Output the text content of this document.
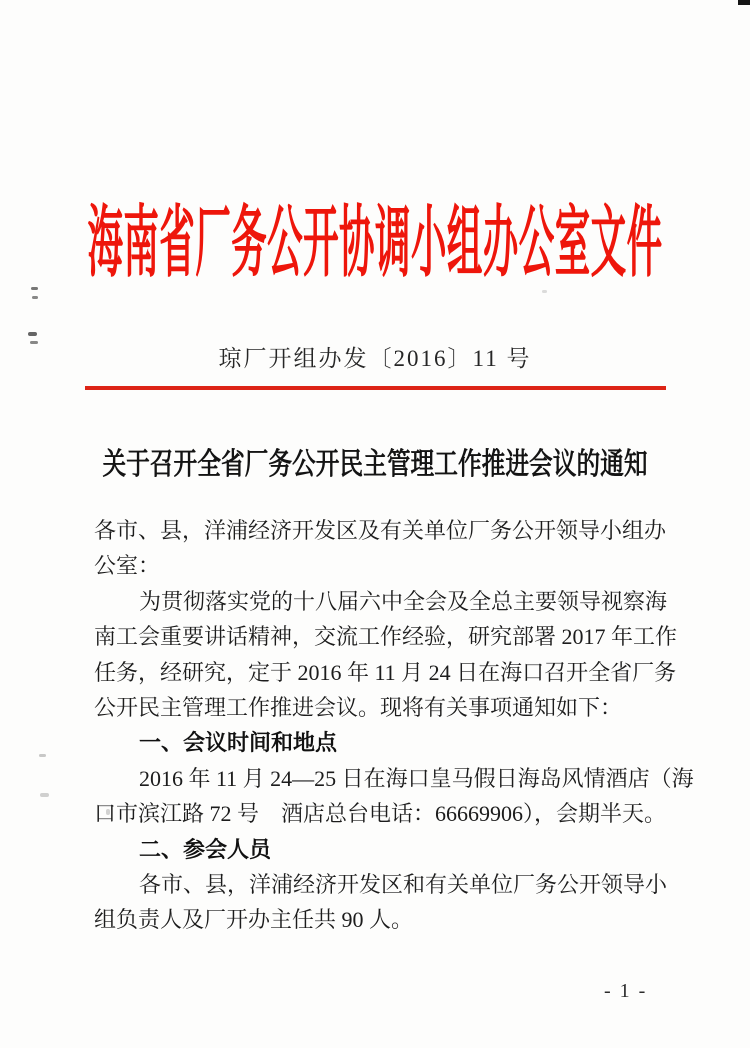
海南省厂务公开协调小组办公室文件
琼厂开组办发〔2016〕11 号
关于召开全省厂务公开民主管理工作推进会议的通知
各市、县，洋浦经济开发区及有关单位厂务公开领导小组办
公室：
为贯彻落实党的十八届六中全会及全总主要领导视察海
南工会重要讲话精神，交流工作经验，研究部署 2017 年工作
任务，经研究，定于 2016 年 11 月 24 日在海口召开全省厂务
公开民主管理工作推进会议。现将有关事项通知如下：
一、会议时间和地点
2016 年 11 月 24—25 日在海口皇马假日海岛风情酒店（海
口市滨江路 72 号　酒店总台电话：66669906），会期半天。
二、参会人员
各市、县，洋浦经济开发区和有关单位厂务公开领导小
组负责人及厂开办主任共 90 人。
- 1 -
